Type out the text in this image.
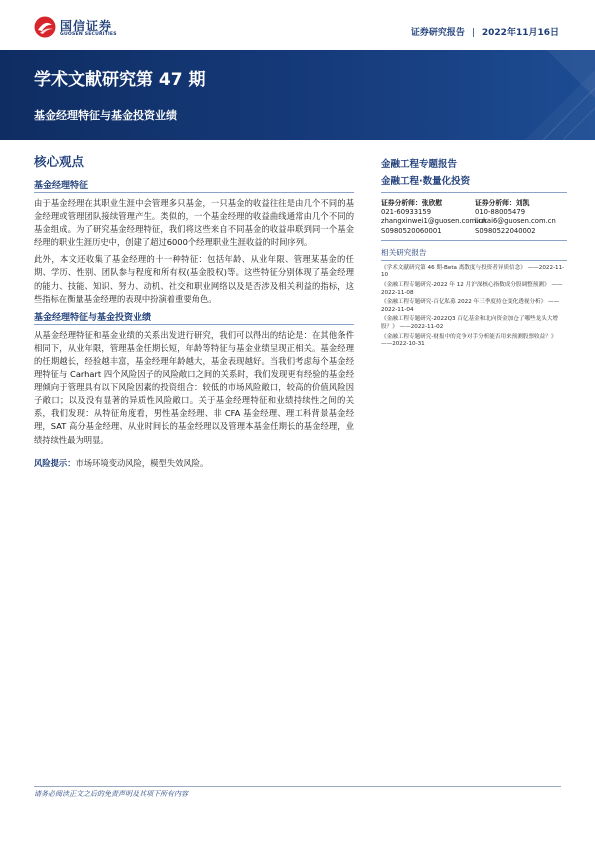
国信证券
GUOSEN SECURITIES	证券研究报告 | 2022年11月16日
学术文献研究第 47 期
基金经理特征与基金投资业绩
核心观点
基金经理特征

由于基金经理在其职业生涯中会管理多只基金，一只基金的收益往往是由几个不同的基金经理或管理团队接续管理产生。类似的，一个基金经理的收益曲线通常由几个不同的基金组成。为了研究基金经理特征，我们将这些来自不同基金的收益串联到同一个基金经理的职业生涯历史中，创建了超过6000个经理职业生涯收益的时间序列。

此外，本文还收集了基金经理的十一种特征：包括年龄、从业年限、管理某基金的任期、学历、性别、团队参与程度和所有权(基金股权)等。这些特征分别体现了基金经理的能力、技能、知识、努力、动机、社交和职业网络以及是否涉及相关利益的指标，这些指标在衡量基金经理的表现中扮演着重要角色。

基金经理特征与基金投资业绩

从基金经理特征和基金业绩的关系出发进行研究，我们可以得出的结论是：在其他条件相同下，从业年限，管理基金任期长短，年龄等特征与基金业绩呈现正相关。基金经理的任期越长，经验越丰富，基金经理年龄越大，基金表现越好。当我们考虑每个基金经理特征与 Carhart 四个风险因子的风险敞口之间的关系时，我们发现更有经验的基金经理倾向于管理具有以下风险因素的投资组合：较低的市场风险敞口，较高的价值风险因子敞口；以及没有显著的异质性风险敞口。关于基金经理特征和业绩持续性之间的关系，我们发现：从特征角度看，男性基金经理、非 CFA 基金经理、理工科背景基金经理，SAT 高分基金经理、从业时间长的基金经理以及管理本基金任期长的基金经理，业绩持续性最为明显。

风险提示：市场环境变动风险，模型失效风险。
金融工程专题报告
金融工程·数量化投资
证券分析师：张欣慰
021-60933159
zhangxinwei1@guosen.com.cn
S0980520060001
证券分析师：刘凯
010-88005479
liukai6@guosen.com.cn
S0980522040002
相关研究报告
《学术文献研究第 46 期-Beta 离散度与投资者异质信念》 ——2022-11-10
《金融工程专题研究-2022 年 12 月沪深核心指数成分股调整预测》 ——2022-11-08
《金融工程专题研究-百亿私募 2022 年三季度持仓变化透视分析》 ——2022-11-04
《金融工程专题研究-2022Q3 百亿基金和北向资金加仓了哪些龙头大增股？》 ——2022-11-02
《金融工程专题研究-财报中的竞争对手分析能否用来预测股票收益？》 ——2022-10-31
请务必阅读正文之后的免责声明及其项下所有内容
